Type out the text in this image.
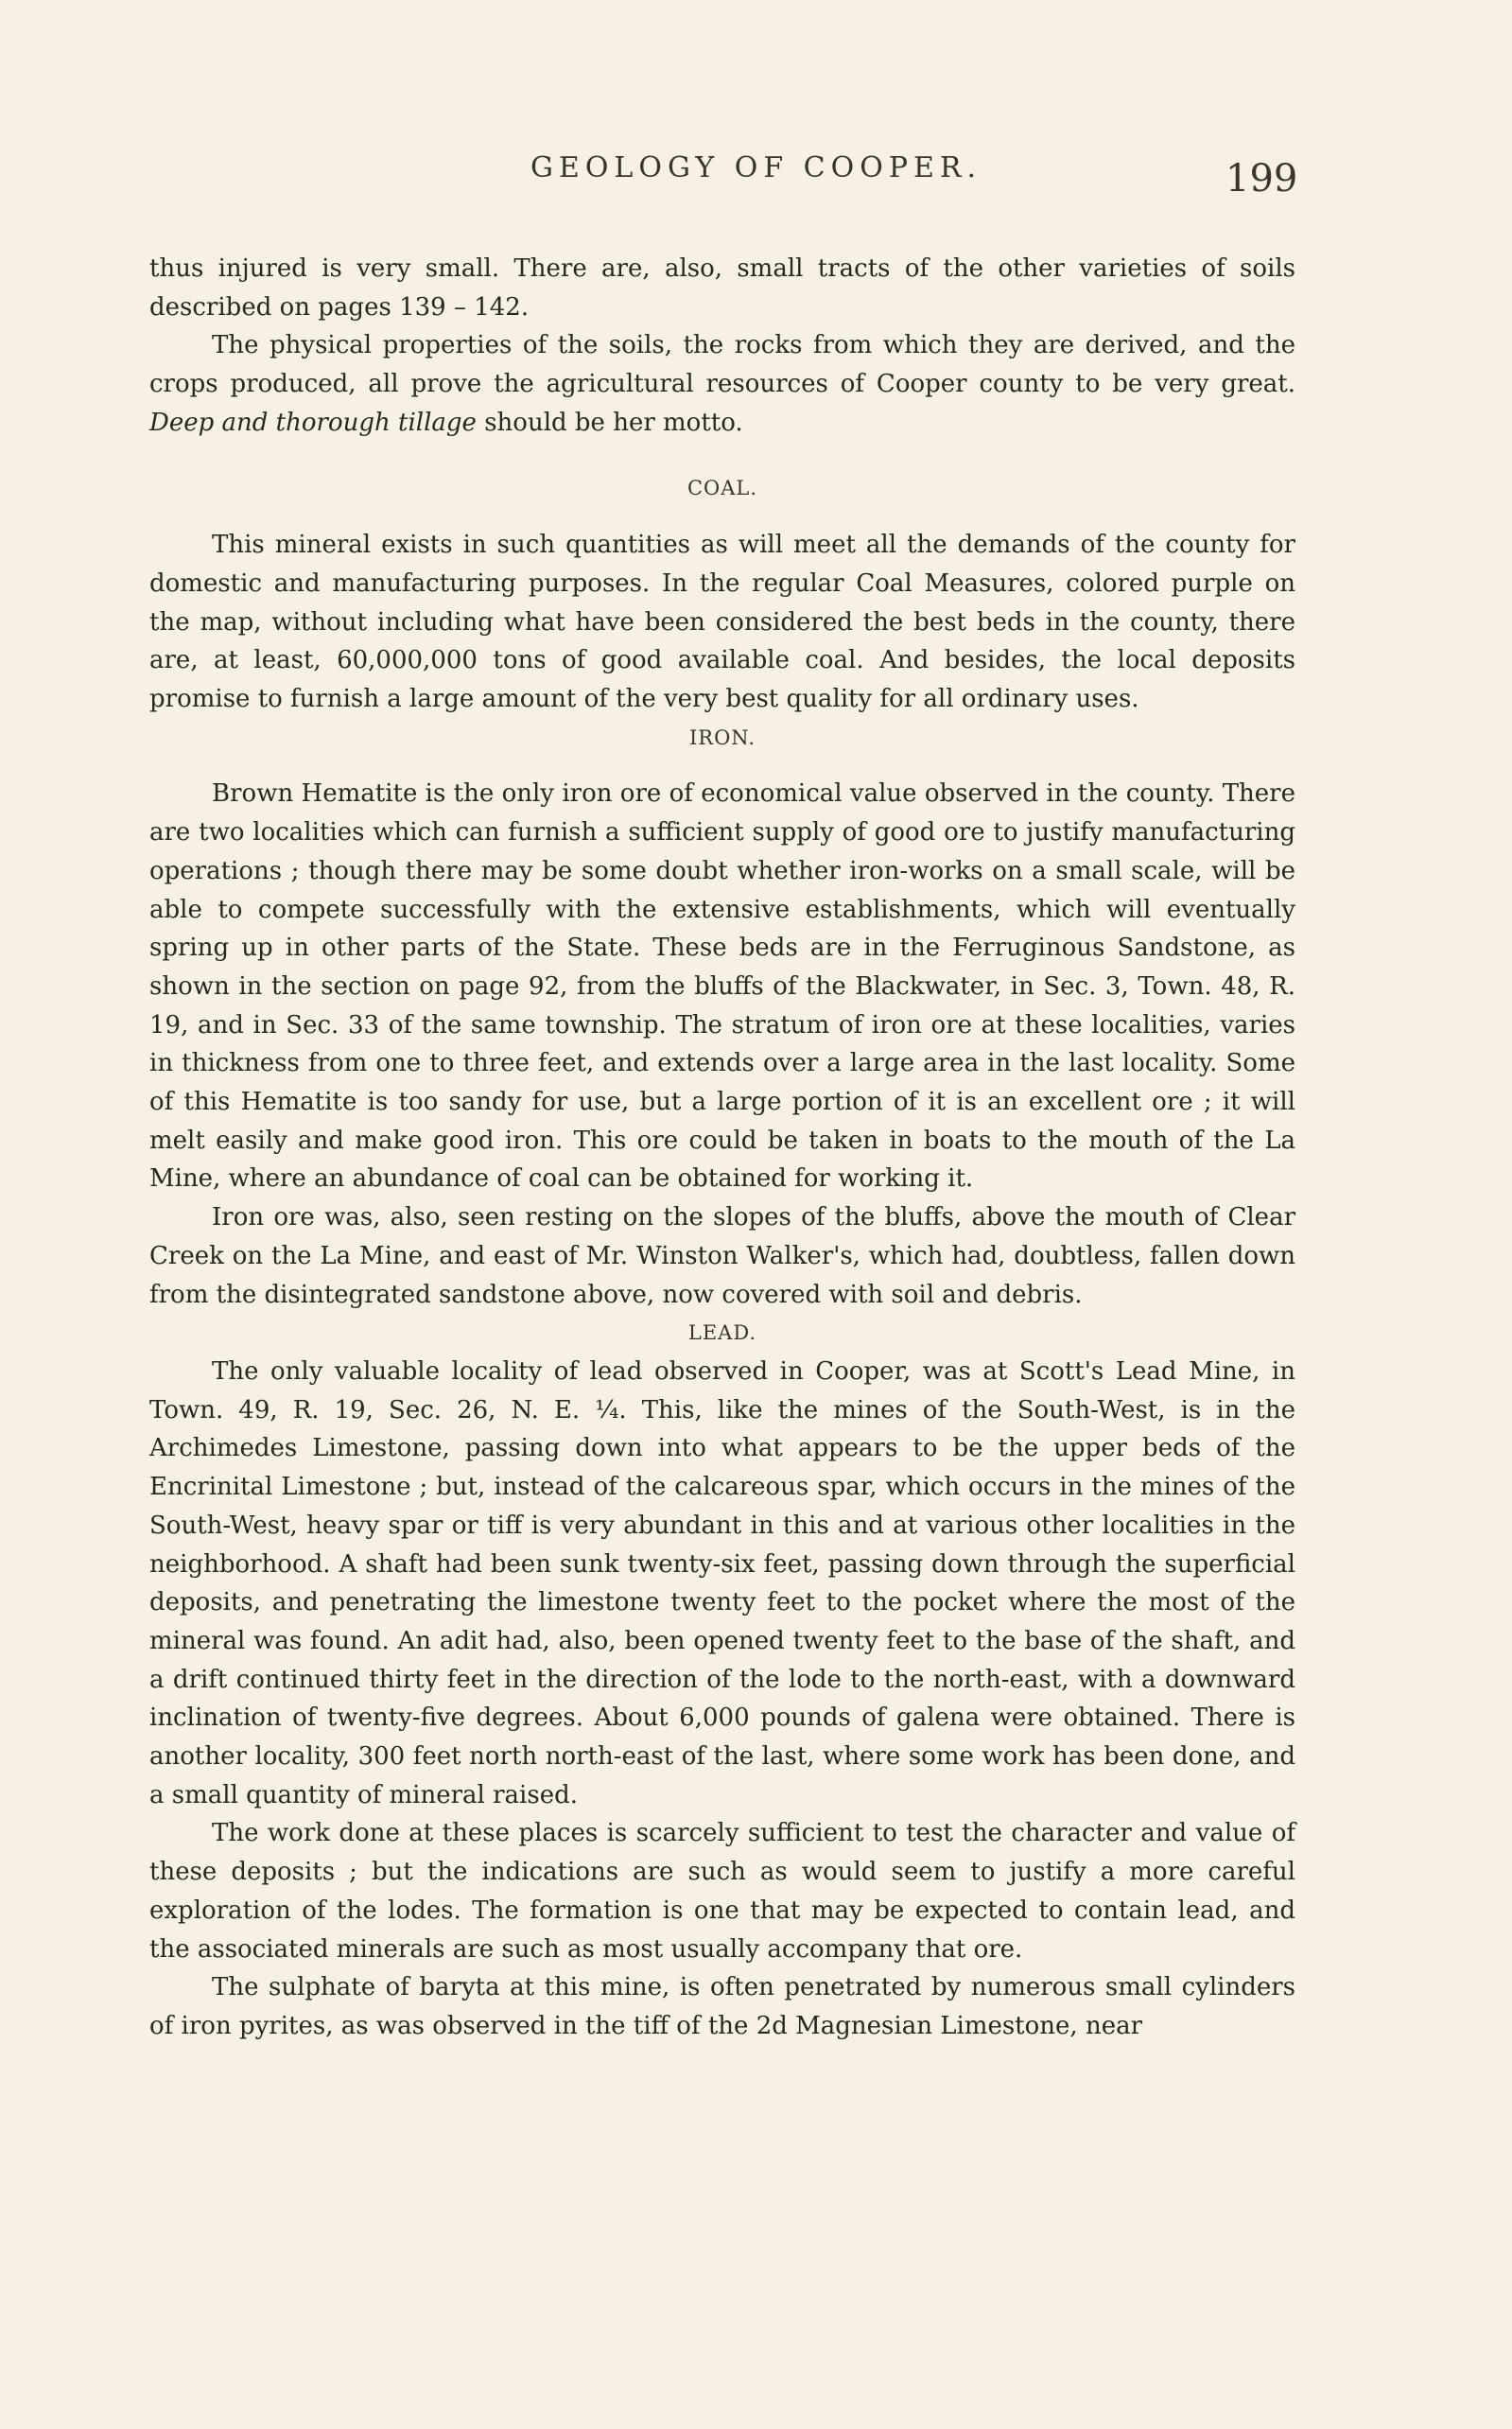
GEOLOGY OF COOPER.	199

thus injured is very small. There are, also, small tracts of the other varieties of soils described on pages 139 – 142.

The physical properties of the soils, the rocks from which they are derived, and the crops produced, all prove the agricultural resources of Cooper county to be very great. Deep and thorough tillage should be her motto.

COAL.

This mineral exists in such quantities as will meet all the demands of the county for domestic and manufacturing purposes. In the regular Coal Measures, colored purple on the map, without including what have been considered the best beds in the county, there are, at least, 60,000,000 tons of good available coal. And besides, the local deposits promise to furnish a large amount of the very best quality for all ordinary uses.

IRON.

Brown Hematite is the only iron ore of economical value observed in the county. There are two localities which can furnish a sufficient supply of good ore to justify manufacturing operations ; though there may be some doubt whether iron-works on a small scale, will be able to compete successfully with the extensive establishments, which will eventually spring up in other parts of the State. These beds are in the Ferruginous Sandstone, as shown in the section on page 92, from the bluffs of the Blackwater, in Sec. 3, Town. 48, R. 19, and in Sec. 33 of the same township. The stratum of iron ore at these localities, varies in thickness from one to three feet, and extends over a large area in the last locality. Some of this Hematite is too sandy for use, but a large portion of it is an excellent ore ; it will melt easily and make good iron. This ore could be taken in boats to the mouth of the La Mine, where an abundance of coal can be obtained for working it.

Iron ore was, also, seen resting on the slopes of the bluffs, above the mouth of Clear Creek on the La Mine, and east of Mr. Winston Walker's, which had, doubtless, fallen down from the disintegrated sandstone above, now covered with soil and debris.

LEAD.

The only valuable locality of lead observed in Cooper, was at Scott's Lead Mine, in Town. 49, R. 19, Sec. 26, N. E. ¼. This, like the mines of the South-West, is in the Archimedes Limestone, passing down into what appears to be the upper beds of the Encrinital Limestone ; but, instead of the calcareous spar, which occurs in the mines of the South-West, heavy spar or tiff is very abundant in this and at various other localities in the neighborhood. A shaft had been sunk twenty-six feet, passing down through the superficial deposits, and penetrating the limestone twenty feet to the pocket where the most of the mineral was found. An adit had, also, been opened twenty feet to the base of the shaft, and a drift continued thirty feet in the direction of the lode to the north-east, with a downward inclination of twenty-five degrees. About 6,000 pounds of galena were obtained. There is another locality, 300 feet north north-east of the last, where some work has been done, and a small quantity of mineral raised.

The work done at these places is scarcely sufficient to test the character and value of these deposits ; but the indications are such as would seem to justify a more careful exploration of the lodes. The formation is one that may be expected to contain lead, and the associated minerals are such as most usually accompany that ore.

The sulphate of baryta at this mine, is often penetrated by numerous small cylinders of iron pyrites, as was observed in the tiff of the 2d Magnesian Limestone, near
